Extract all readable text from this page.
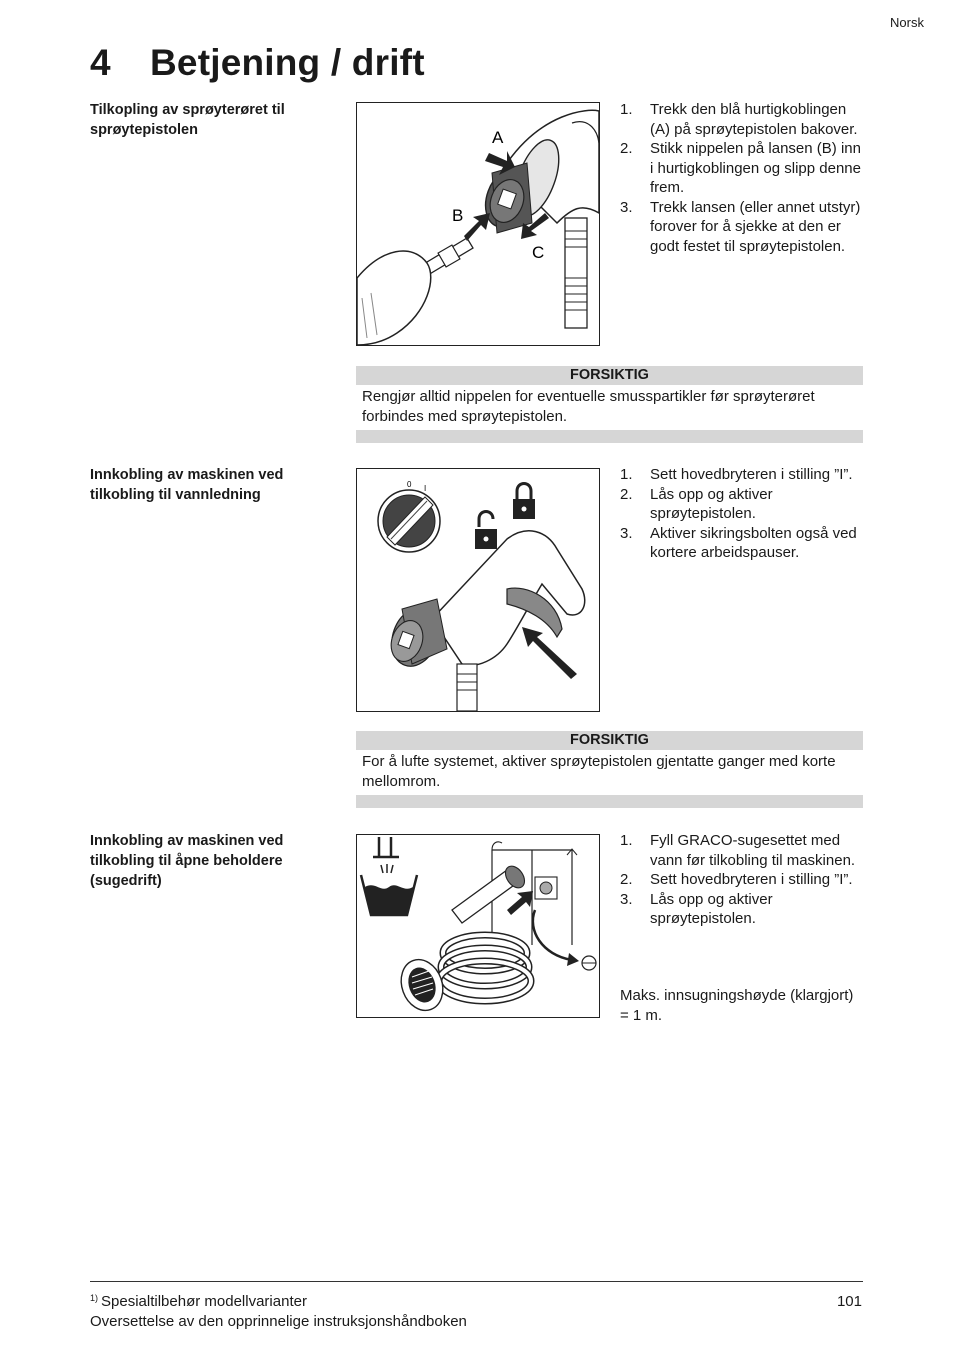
Norsk
4 Betjening / drift
Tilkopling av sprøyterøret til sprøytepistolen	A
B
C
1. Trekk den blå hurtigkoblingen (A) på sprøytepistolen bakover.
2. Stikk nippelen på lansen (B) inn i hurtigkoblingen og slipp denne frem.
3. Trekk lansen (eller annet utstyr) forover for å sjekke at den er godt festet til sprøytepistolen.
FORSIKTIG
Rengjør alltid nippelen for eventuelle smusspartikler før sprøyterøret forbindes med sprøytepistolen.
Innkobling av maskinen ved tilkobling til vannledning
0 I
1. Sett hovedbryteren i stilling ”I”.
2. Lås opp og aktiver sprøytepistolen.
3. Aktiver sikringsbolten også ved kortere arbeidspauser.
FORSIKTIG
For å lufte systemet, aktiver sprøytepistolen gjentatte ganger med korte mellomrom.
Innkobling av maskinen ved tilkobling til åpne beholdere (sugedrift)
1. Fyll GRACO-sugesettet med vann før tilkobling til maskinen.
2. Sett hovedbryteren i stilling ”I”.
3. Lås opp og aktiver sprøytepistolen.

Maks. innsugningshøyde (klargjort) = 1 m.

$^{1)}$ Spesialtilbehør modellvarianter
Oversettelse av den opprinnelige instruksjonshåndboken
101
